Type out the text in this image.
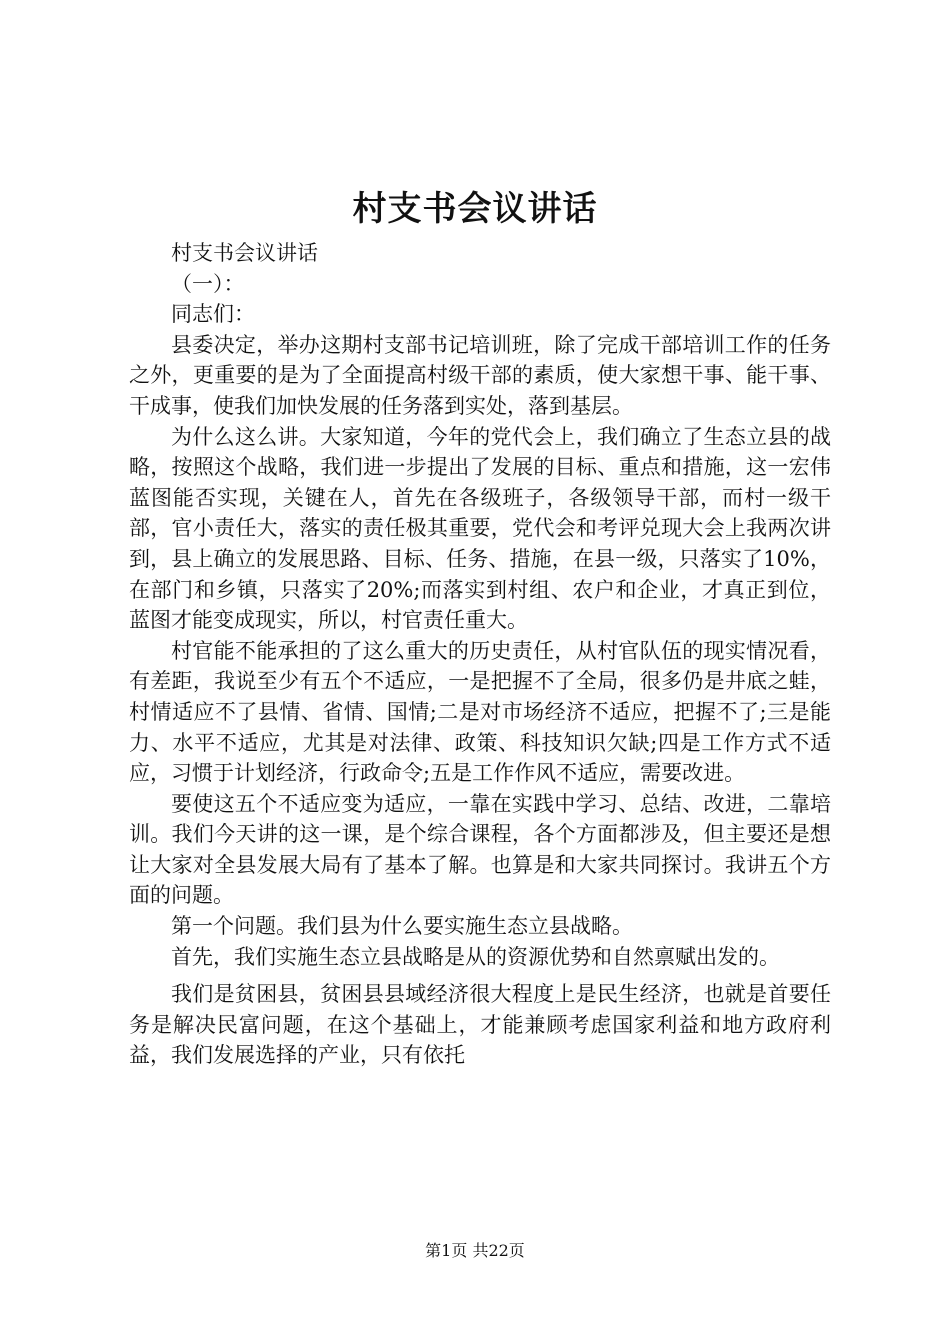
村支书会议讲话

村支书会议讲话

（一）：

同志们：

县委决定，举办这期村支部书记培训班，除了完成干部培训工作的任务之外，更重要的是为了全面提高村级干部的素质，使大家想干事、能干事、干成事，使我们加快发展的任务落到实处，落到基层。

为什么这么讲。大家知道，今年的党代会上，我们确立了生态立县的战略，按照这个战略，我们进一步提出了发展的目标、重点和措施，这一宏伟蓝图能否实现，关键在人，首先在各级班子，各级领导干部，而村一级干部，官小责任大，落实的责任极其重要，党代会和考评兑现大会上我两次讲到，县上确立的发展思路、目标、任务、措施，在县一级，只落实了10%，在部门和乡镇，只落实了20%;而落实到村组、农户和企业，才真正到位，蓝图才能变成现实，所以，村官责任重大。

村官能不能承担的了这么重大的历史责任，从村官队伍的现实情况看，有差距，我说至少有五个不适应，一是把握不了全局，很多仍是井底之蛙，村情适应不了县情、省情、国情;二是对市场经济不适应，把握不了;三是能力、水平不适应，尤其是对法律、政策、科技知识欠缺;四是工作方式不适应，习惯于计划经济，行政命令;五是工作作风不适应，需要改进。

要使这五个不适应变为适应，一靠在实践中学习、总结、改进，二靠培训。我们今天讲的这一课，是个综合课程，各个方面都涉及，但主要还是想让大家对全县发展大局有了基本了解。也算是和大家共同探讨。我讲五个方面的问题。

第一个问题。我们县为什么要实施生态立县战略。

首先，我们实施生态立县战略是从的资源优势和自然禀赋出发的。

我们是贫困县，贫困县县域经济很大程度上是民生经济，也就是首要任务是解决民富问题，在这个基础上，才能兼顾考虑国家利益和地方政府利益，我们发展选择的产业，只有依托

第1页 共22页
